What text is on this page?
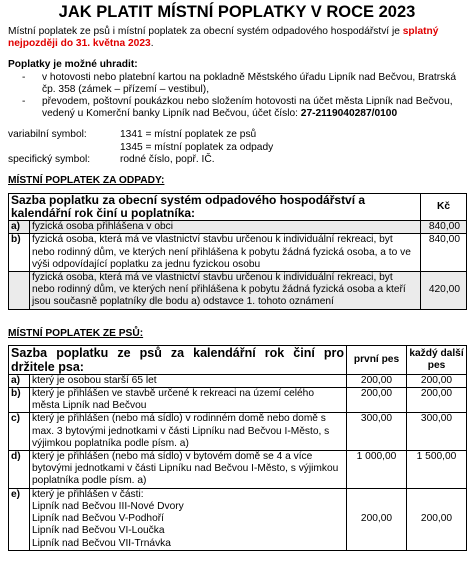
JAK PLATIT MÍSTNÍ POPLATKY V ROCE 2023

Místní poplatek ze psů i místní poplatek za obecní systém odpadového hospodářství je splatný nejpozději do 31. května 2023.

Poplatky je možné uhradit:

- v hotovosti nebo platební kartou na pokladně Městského úřadu Lipník nad Bečvou, Bratrská čp. 358 (zámek – přízemí – vestibul),
- převodem, poštovní poukázkou nebo složením hotovosti na účet města Lipník nad Bečvou, vedený u Komerční banky Lipník nad Bečvou, účet číslo: 27-2119040287/0100
variabilní symbol:	1341 = místní poplatek ze psů
1345 = místní poplatek za odpady
specifický symbol:	rodné číslo, popř. IČ.

MÍSTNÍ POPLATEK ZA ODPADY:

Sazba poplatku za obecní systém odpadového hospodářství a kalendářní rok činí u poplatníka:		Kč
a)	fyzická osoba přihlášena v obci	840,00
b)	fyzická osoba, která má ve vlastnictví stavbu určenou k individuální rekreaci, byt nebo rodinný dům, ve kterých není přihlášena k pobytu žádná fyzická osoba, a to ve výši odpovídající poplatku za jednu fyzickou osobu	840,00
	fyzická osoba, která má ve vlastnictví stavbu určenou k individuální rekreaci, byt nebo rodinný dům, ve kterých není přihlášena k pobytu žádná fyzická osoba a kteří jsou současně poplatníky dle bodu a) odstavce 1. tohoto oznámení	420,00

MÍSTNÍ POPLATEK ZE PSŮ:

Sazba poplatku ze psů za kalendářní rok činí pro držitele psa:		první pes	každý další pes
a)	který je osobou starší 65 let	200,00	200,00
b)	který je přihlášen ve stavbě určené k rekreaci na území celého města Lipník nad Bečvou	200,00	200,00
c)	který je přihlášen (nebo má sídlo) v rodinném domě nebo domě s max. 3 bytovými jednotkami v části Lipníku nad Bečvou I-Město, s výjimkou poplatníka podle písm. a)	300,00	300,00
d)	který je přihlášen (nebo má sídlo) v bytovém domě se 4 a více bytovými jednotkami v části Lipníku nad Bečvou I-Město, s výjimkou poplatníka podle písm. a)	1 000,00	1 500,00
e)	který je přihlášen v části:
Lipník nad Bečvou III-Nové Dvory
Lipník nad Bečvou V-Podhoří
Lipník nad Bečvou VI-Loučka
Lipník nad Bečvou VII-Trnávka	200,00	200,00
